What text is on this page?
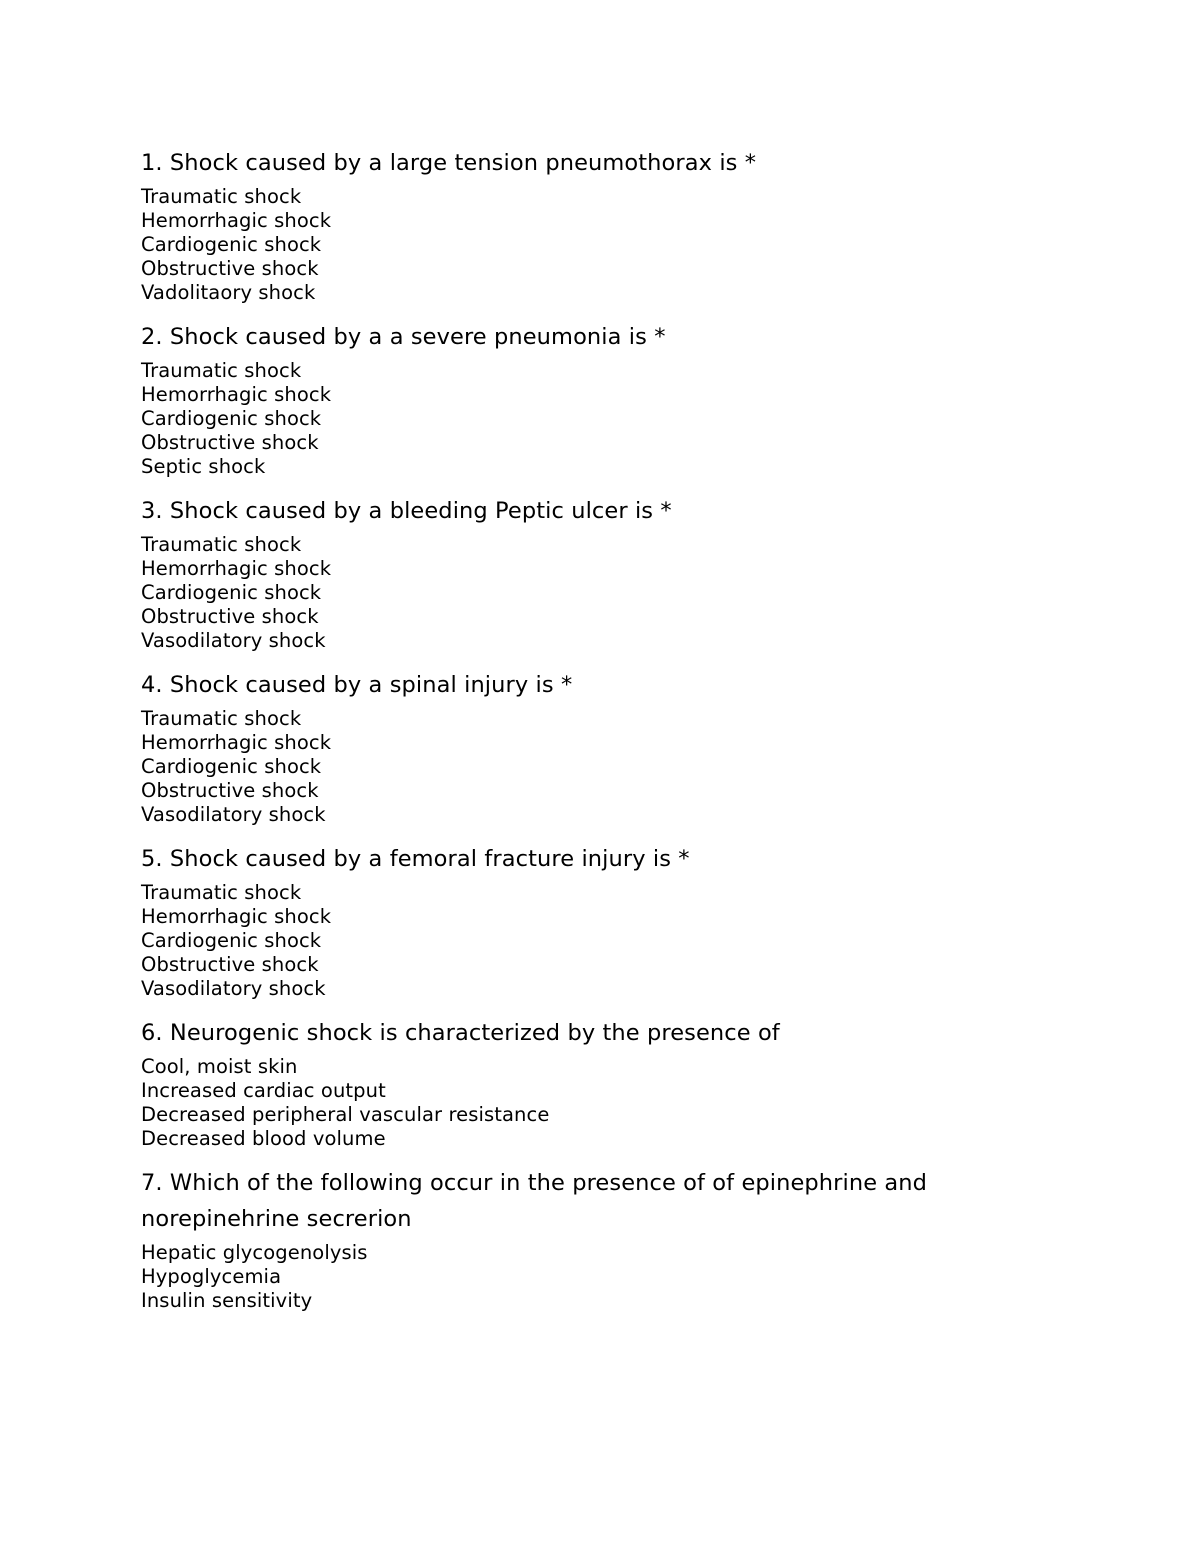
1. Shock caused by a large tension pneumothorax is *
Traumatic shock
Hemorrhagic shock
Cardiogenic shock
Obstructive shock
Vadolitaory shock
2. Shock caused by a a severe pneumonia is *
Traumatic shock
Hemorrhagic shock
Cardiogenic shock
Obstructive shock
Septic shock
3. Shock caused by a bleeding Peptic ulcer is *
Traumatic shock
Hemorrhagic shock
Cardiogenic shock
Obstructive shock
Vasodilatory shock
4. Shock caused by a spinal injury is *
Traumatic shock
Hemorrhagic shock
Cardiogenic shock
Obstructive shock
Vasodilatory shock
5. Shock caused by a femoral fracture injury is *
Traumatic shock
Hemorrhagic shock
Cardiogenic shock
Obstructive shock
Vasodilatory shock
6. Neurogenic shock is characterized by the presence of
Cool, moist skin
Increased cardiac output
Decreased peripheral vascular resistance
Decreased blood volume
7. Which of the following occur in the presence of of epinephrine and norepinehrine secrerion
Hepatic glycogenolysis
Hypoglycemia
Insulin sensitivity
